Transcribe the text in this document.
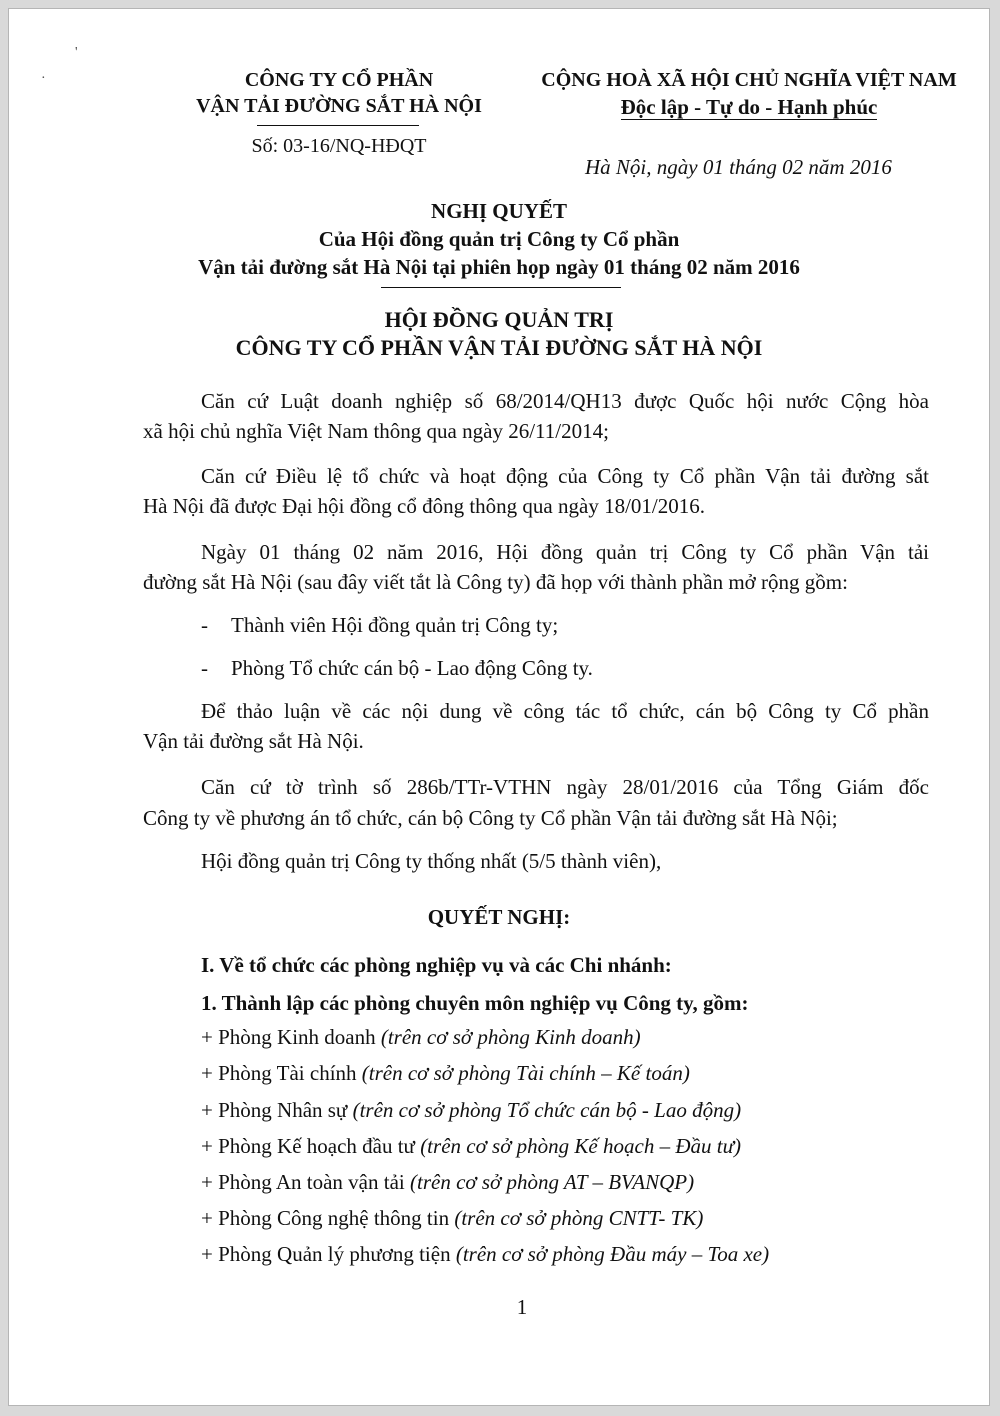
'
·	CÔNG TY CỔ PHẦN
VẬN TẢI ĐƯỜNG SẮT HÀ NỘI
Số: 03-16/NQ-HĐQT
CỘNG HOÀ XÃ HỘI CHỦ NGHĨA VIỆT NAM
Độc lập - Tự do - Hạnh phúc
Hà Nội, ngày 01 tháng 02 năm 2016
NGHỊ QUYẾT
Của Hội đồng quản trị Công ty Cổ phần
Vận tải đường sắt Hà Nội tại phiên họp ngày 01 tháng 02 năm 2016
HỘI ĐỒNG QUẢN TRỊ
CÔNG TY CỔ PHẦN VẬN TẢI ĐƯỜNG SẮT HÀ NỘI
Căn cứ Luật doanh nghiệp số 68/2014/QH13 được Quốc hội nước Cộng hòa
xã hội chủ nghĩa Việt Nam thông qua ngày 26/11/2014;
Căn cứ Điều lệ tổ chức và hoạt động của Công ty Cổ phần Vận tải đường sắt
Hà Nội đã được Đại hội đồng cổ đông thông qua ngày 18/01/2016.
Ngày 01 tháng 02 năm 2016, Hội đồng quản trị Công ty Cổ phần Vận tải
đường sắt Hà Nội (sau đây viết tắt là Công ty) đã họp với thành phần mở rộng gồm:
- Thành viên Hội đồng quản trị Công ty;
- Phòng Tổ chức cán bộ - Lao động Công ty.
Để thảo luận về các nội dung về công tác tổ chức, cán bộ Công ty Cổ phần
Vận tải đường sắt Hà Nội.
Căn cứ tờ trình số 286b/TTr-VTHN ngày 28/01/2016 của Tổng Giám đốc
Công ty về phương án tổ chức, cán bộ Công ty Cổ phần Vận tải đường sắt Hà Nội;
Hội đồng quản trị Công ty thống nhất (5/5 thành viên),
QUYẾT NGHỊ:
I. Về tổ chức các phòng nghiệp vụ và các Chi nhánh:
1. Thành lập các phòng chuyên môn nghiệp vụ Công ty, gồm:
+ Phòng Kinh doanh (trên cơ sở phòng Kinh doanh)
+ Phòng Tài chính (trên cơ sở phòng Tài chính – Kế toán)
+ Phòng Nhân sự (trên cơ sở phòng Tổ chức cán bộ - Lao động)
+ Phòng Kế hoạch đầu tư (trên cơ sở phòng Kế hoạch – Đầu tư)
+ Phòng An toàn vận tải (trên cơ sở phòng AT – BVANQP)
+ Phòng Công nghệ thông tin (trên cơ sở phòng CNTT- TK)
+ Phòng Quản lý phương tiện (trên cơ sở phòng Đầu máy – Toa xe)
1
